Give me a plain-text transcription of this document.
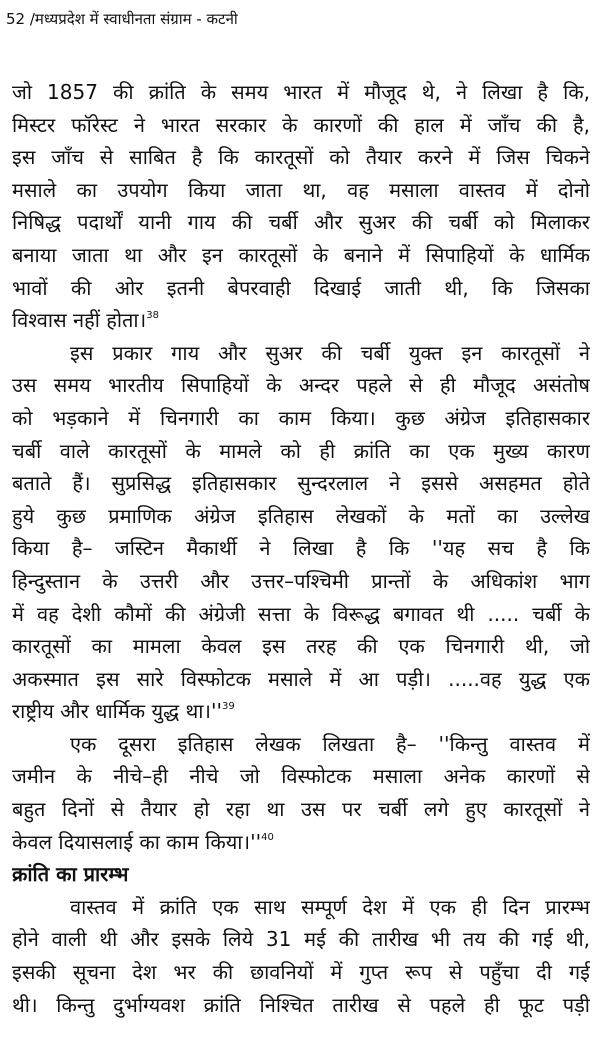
52 /मध्यप्रदेश में स्वाधीनता संग्राम - कटनी
जो 1857 की क्रांति के समय भारत में मौजूद थे, ने लिखा है कि,
मिस्टर फॉरेस्ट ने भारत सरकार के कारणों की हाल में जाँच की है,
इस जाँच से साबित है कि कारतूसों को तैयार करने में जिस चिकने
मसाले का उपयोग किया जाता था, वह मसाला वास्तव में दोनो
निषिद्ध पदार्थों यानी गाय की चर्बी और सुअर की चर्बी को मिलाकर
बनाया जाता था और इन कारतूसों के बनाने में सिपाहियों के धार्मिक
भावों की ओर इतनी बेपरवाही दिखाई जाती थी, कि जिसका
विश्वास नहीं होता।$^{38}$
इस प्रकार गाय और सुअर की चर्बी युक्त इन कारतूसों ने
उस समय भारतीय सिपाहियों के अन्दर पहले से ही मौजूद असंतोष
को भड़काने में चिनगारी का काम किया। कुछ अंग्रेज इतिहासकार
चर्बी वाले कारतूसों के मामले को ही क्रांति का एक मुख्य कारण
बताते हैं। सुप्रसिद्ध इतिहासकार सुन्दरलाल ने इससे असहमत होते
हुये कुछ प्रमाणिक अंग्रेज इतिहास लेखकों के मतों का उल्लेख
किया है– जस्टिन मैकार्थी ने लिखा है कि ''यह सच है कि
हिन्दुस्तान के उत्तरी और उत्तर–पश्चिमी प्रान्तों के अधिकांश भाग
में वह देशी कौमों की अंग्रेजी सत्ता के विरूद्ध बगावत थी ..... चर्बी के
कारतूसों का मामला केवल इस तरह की एक चिनगारी थी, जो
अकस्मात इस सारे विस्फोटक मसाले में आ पड़ी। .....वह युद्ध एक
राष्ट्रीय और धार्मिक युद्ध $था।''^{39}$
एक दूसरा इतिहास लेखक लिखता है– ''किन्तु वास्तव में
जमीन के नीचे–ही नीचे जो विस्फोटक मसाला अनेक कारणों से
बहुत दिनों से तैयार हो रहा था उस पर चर्बी लगे हुए कारतूसों ने
केवल दियासलाई का काम $किया।''^{40}$
क्रांति का प्रारम्भ
वास्तव में क्रांति एक साथ सम्पूर्ण देश में एक ही दिन प्रारम्भ
होने वाली थी और इसके लिये 31 मई की तारीख भी तय की गई थी,
इसकी सूचना देश भर की छावनियों में गुप्त रूप से पहुँचा दी गई
थी। किन्तु दुर्भाग्यवश क्रांति निश्चित तारीख से पहले ही फूट पड़ी
